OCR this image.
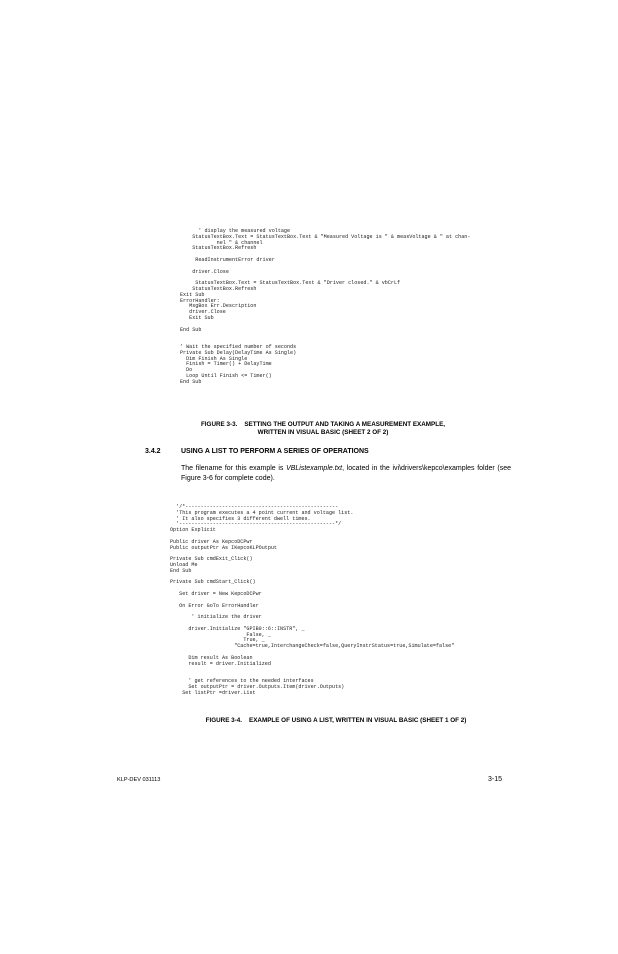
' display the measured voltage
StatusTextBox.Text = StatusTextBox.Text & "Measured Voltage is " & measVoltage & " at chan-
nel " & channel
StatusTextBox.Refresh

ReadInstrumentError driver

driver.Close

StatusTextBox.Text = StatusTextBox.Text & "Driver closed." & vbCrLf
StatusTextBox.Refresh
Exit Sub
ErrorHandler:
MsgBox Err.Description
driver.Close
Exit Sub

End Sub

' Wait the specified number of seconds
Private Sub Delay(DelayTime As Single)
Dim Finish As Single
Finish = Timer() + DelayTime
Do
Loop Until Finish <= Timer()
End Sub
FIGURE 3-3.    SETTING THE OUTPUT AND TAKING A MEASUREMENT EXAMPLE,
WRITTEN IN VISUAL BASIC (SHEET 2 OF 2)
3.4.2	USING A LIST TO PERFORM A SERIES OF OPERATIONS

The filename for this example is VBListexample.txt, located in the ivi\drivers\kepco\examples folder (see Figure 3-6 for complete code).

'/*--------------------------------------------------
'This program executes a 4 point current and voltage list.
' It also specifies 3 different dwell times.
'---------------------------------------------------*/
Option Explicit

Public driver As KepcoDCPwr
Public outputPtr As IKepcoKLPOutput

Private Sub cmdExit_Click()
Unload Me
End Sub

Private Sub cmdStart_Click()

Set driver = New KepcoDCPwr

On Error GoTo ErrorHandler

' initialize the driver

driver.Initialize "GPIB0::6::INSTR", _
False, _
True, _
"Cache=true,InterchangeCheck=false,QueryInstrStatus=true,Simulate=false"

Dim result As Boolean
result = driver.Initialized

' get references to the needed interfaces
Set outputPtr = driver.Outputs.Item(driver.Outputs)
Set listPtr =driver.List
FIGURE 3-4.    EXAMPLE OF USING A LIST, WRITTEN IN VISUAL BASIC (SHEET 1 OF 2)
KLP-DEV 031113	3-15
